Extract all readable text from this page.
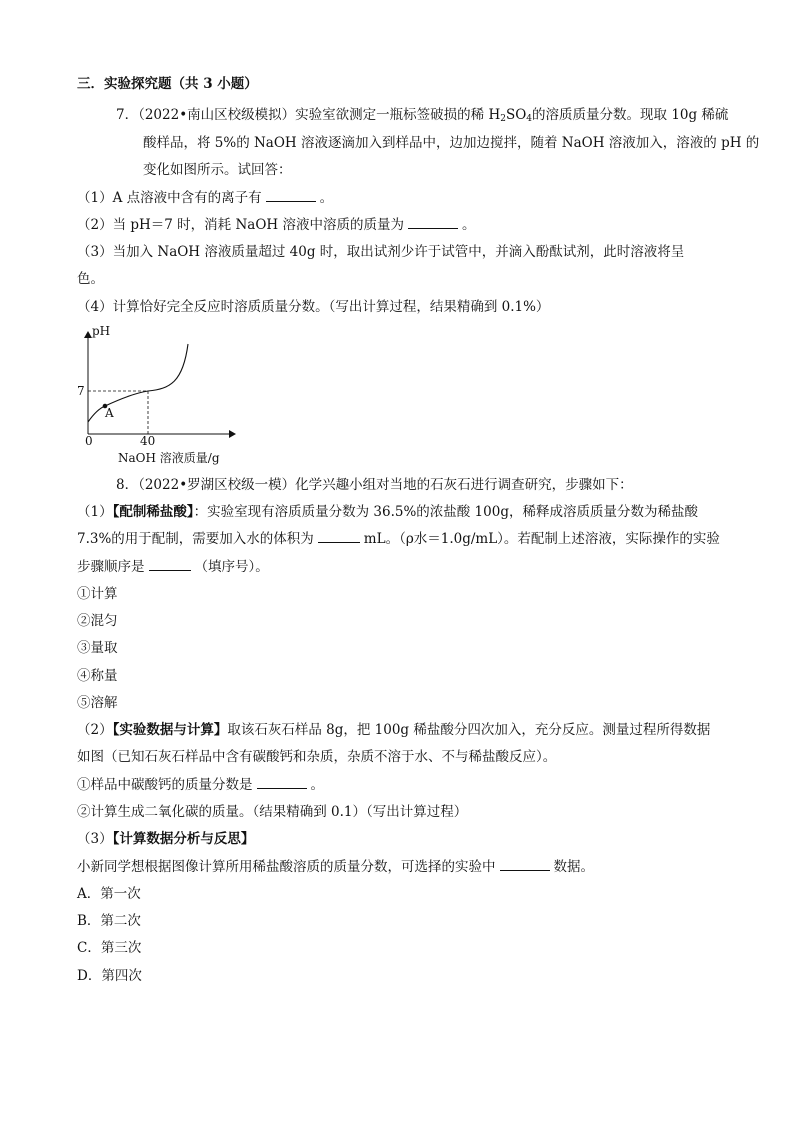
三．实验探究题（共 3 小题）
7．（2022•南山区校级模拟）实验室欲测定一瓶标签破损的稀 $H_2SO_4$的溶质质量分数。现取 10g 稀硫
酸样品，将 5%的 NaOH 溶液逐滴加入到样品中，边加边搅拌，随着 NaOH 溶液加入，溶液的 pH 的
变化如图所示。试回答：
（1）A 点溶液中含有的离子有	。
（2）当 pH＝7 时，消耗 NaOH 溶液中溶质的质量为	。
（3）当加入 NaOH 溶液质量超过 40g 时，取出试剂少许于试管中，并滴入酚酞试剂，此时溶液将呈
色。
（4）计算恰好完全反应时溶质质量分数。（写出计算过程，结果精确到 0.1%）
pH
7
A
0	40
NaOH 溶液质量/g
8．（2022•罗湖区校级一模）化学兴趣小组对当地的石灰石进行调查研究，步骤如下：
（1）【配制稀盐酸】：实验室现有溶质质量分数为 36.5%的浓盐酸 100g，稀释成溶质质量分数为稀盐酸
7.3%的用于配制，需要加入水的体积为	mL。（ρ水＝1.0g/mL）。若配制上述溶液，实际操作的实验
步骤顺序是	（填序号）。
①计算
②混匀
③量取
④称量
⑤溶解
（2）【实验数据与计算】取该石灰石样品 8g，把 100g 稀盐酸分四次加入，充分反应。测量过程所得数据
如图（已知石灰石样品中含有碳酸钙和杂质，杂质不溶于水、不与稀盐酸反应）。
①样品中碳酸钙的质量分数是	。
②计算生成二氧化碳的质量。（结果精确到 0.1）（写出计算过程）
（3）【计算数据分析与反思】
小新同学想根据图像计算所用稀盐酸溶质的质量分数，可选择的实验中	数据。
A．第一次
B．第二次
C．第三次
D．第四次
